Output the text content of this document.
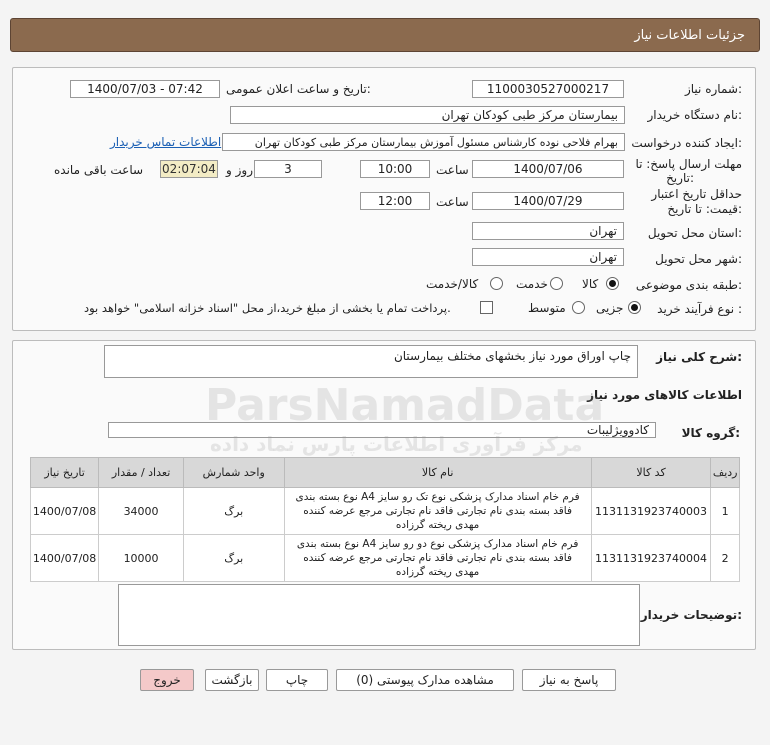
جزئیات اطلاعات نیاز
شماره نیاز:
1100030527000217
تاریخ و ساعت اعلان عمومی:
1400/07/03 - 07:42
نام دستگاه خریدار:
بیمارستان مرکز طبی کودکان تهران
ایجاد کننده درخواست:
بهرام فلاحی نوده کارشناس مسئول آموزش بیمارستان مرکز طبی کودکان تهران
اطلاعات تماس خریدار
مهلت ارسال پاسخ: تا
تاریخ:
1400/07/06
ساعت
10:00
3
روز و
02:07:04
ساعت باقی مانده
حداقل تاریخ اعتبار
قیمت: تا تاریخ:
1400/07/29
ساعت
12:00
استان محل تحویل:
تهران
شهر محل تحویل:
تهران
طبقه بندی موضوعی:
کالا
خدمت
کالا/خدمت
نوع فرآیند خرید :
جزیی
متوسط
پرداخت تمام یا بخشی از مبلغ خرید،از محل "اسناد خزانه اسلامی" خواهد بود.
شرح کلی نیاز:
چاپ اوراق مورد نیاز بخشهای مختلف بیمارستان
اطلاعات کالاهای مورد نیاز
گروه کالا:
کادوویژلیبات
تاریخ نیاز	تعداد / مقدار	واحد شمارش	نام کالا	کد کالا	ردیف
1400/07/08	34000	برگ	فرم خام اسناد مدارک پزشکی نوع تک رو سایز A4 نوع بسته بندی فاقد بسته بندی نام تجارتی فاقد نام تجارتی مرجع عرضه کننده مهدی ریخته گرزاده	1131131923740003	1
1400/07/08	10000	برگ	فرم خام اسناد مدارک پزشکی نوع دو رو سایز A4 نوع بسته بندی فاقد بسته بندی نام تجارتی فاقد نام تجارتی مرجع عرضه کننده مهدی ریخته گرزاده	1131131923740004	2
توضیحات خریدار:
ParsNamadData
مرکز فرآوری اطلاعات پارس نماد داده
پاسخ به نیاز
مشاهده مدارک پیوستی (0)
چاپ
بازگشت
خروج
